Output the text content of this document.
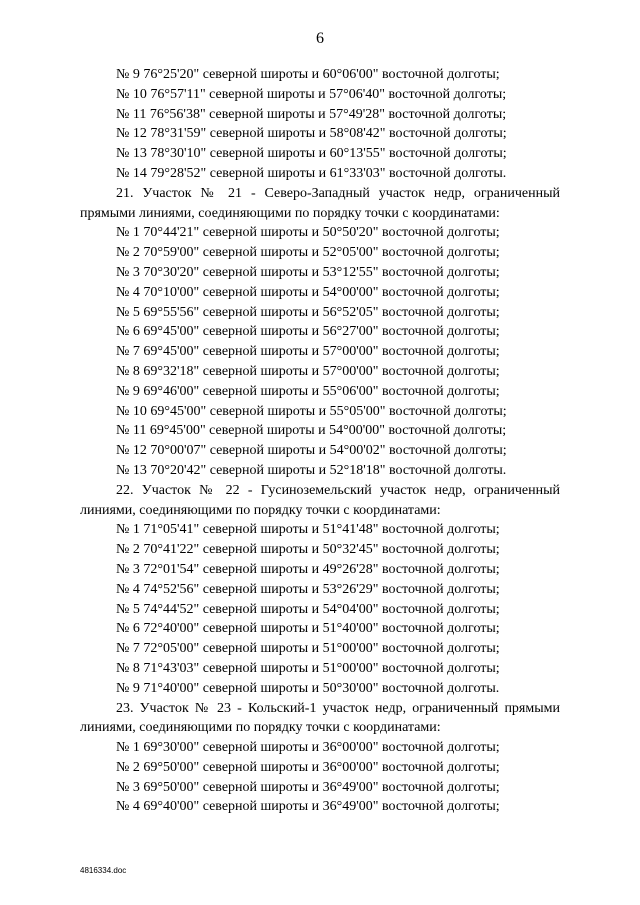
6
№ 9 76°25'20" северной широты и 60°06'00" восточной долготы;
№ 10 76°57'11" северной широты и 57°06'40" восточной долготы;
№ 11 76°56'38" северной широты и 57°49'28" восточной долготы;
№ 12 78°31'59" северной широты и 58°08'42" восточной долготы;
№ 13 78°30'10" северной широты и 60°13'55" восточной долготы;
№ 14 79°28'52" северной широты и 61°33'03" восточной долготы.
21. Участок № 21 - Северо-Западный участок недр, ограниченный прямыми линиями, соединяющими по порядку точки с координатами:
№ 1 70°44'21" северной широты и 50°50'20" восточной долготы;
№ 2 70°59'00" северной широты и 52°05'00" восточной долготы;
№ 3 70°30'20" северной широты и 53°12'55" восточной долготы;
№ 4 70°10'00" северной широты и 54°00'00" восточной долготы;
№ 5 69°55'56" северной широты и 56°52'05" восточной долготы;
№ 6 69°45'00" северной широты и 56°27'00" восточной долготы;
№ 7 69°45'00" северной широты и 57°00'00" восточной долготы;
№ 8 69°32'18" северной широты и 57°00'00" восточной долготы;
№ 9 69°46'00" северной широты и 55°06'00" восточной долготы;
№ 10 69°45'00" северной широты и 55°05'00" восточной долготы;
№ 11 69°45'00" северной широты и 54°00'00" восточной долготы;
№ 12 70°00'07" северной широты и 54°00'02" восточной долготы;
№ 13 70°20'42" северной широты и 52°18'18" восточной долготы.
22. Участок № 22 - Гусиноземельский участок недр, ограниченный линиями, соединяющими по порядку точки с координатами:
№ 1 71°05'41" северной широты и 51°41'48" восточной долготы;
№ 2 70°41'22" северной широты и 50°32'45" восточной долготы;
№ 3 72°01'54" северной широты и 49°26'28" восточной долготы;
№ 4 74°52'56" северной широты и 53°26'29" восточной долготы;
№ 5 74°44'52" северной широты и 54°04'00" восточной долготы;
№ 6 72°40'00" северной широты и 51°40'00" восточной долготы;
№ 7 72°05'00" северной широты и 51°00'00" восточной долготы;
№ 8 71°43'03" северной широты и 51°00'00" восточной долготы;
№ 9 71°40'00" северной широты и 50°30'00" восточной долготы.
23. Участок № 23 - Кольский-1 участок недр, ограниченный прямыми линиями, соединяющими по порядку точки с координатами:
№ 1 69°30'00" северной широты и 36°00'00" восточной долготы;
№ 2 69°50'00" северной широты и 36°00'00" восточной долготы;
№ 3 69°50'00" северной широты и 36°49'00" восточной долготы;
№ 4 69°40'00" северной широты и 36°49'00" восточной долготы;
4816334.doc
